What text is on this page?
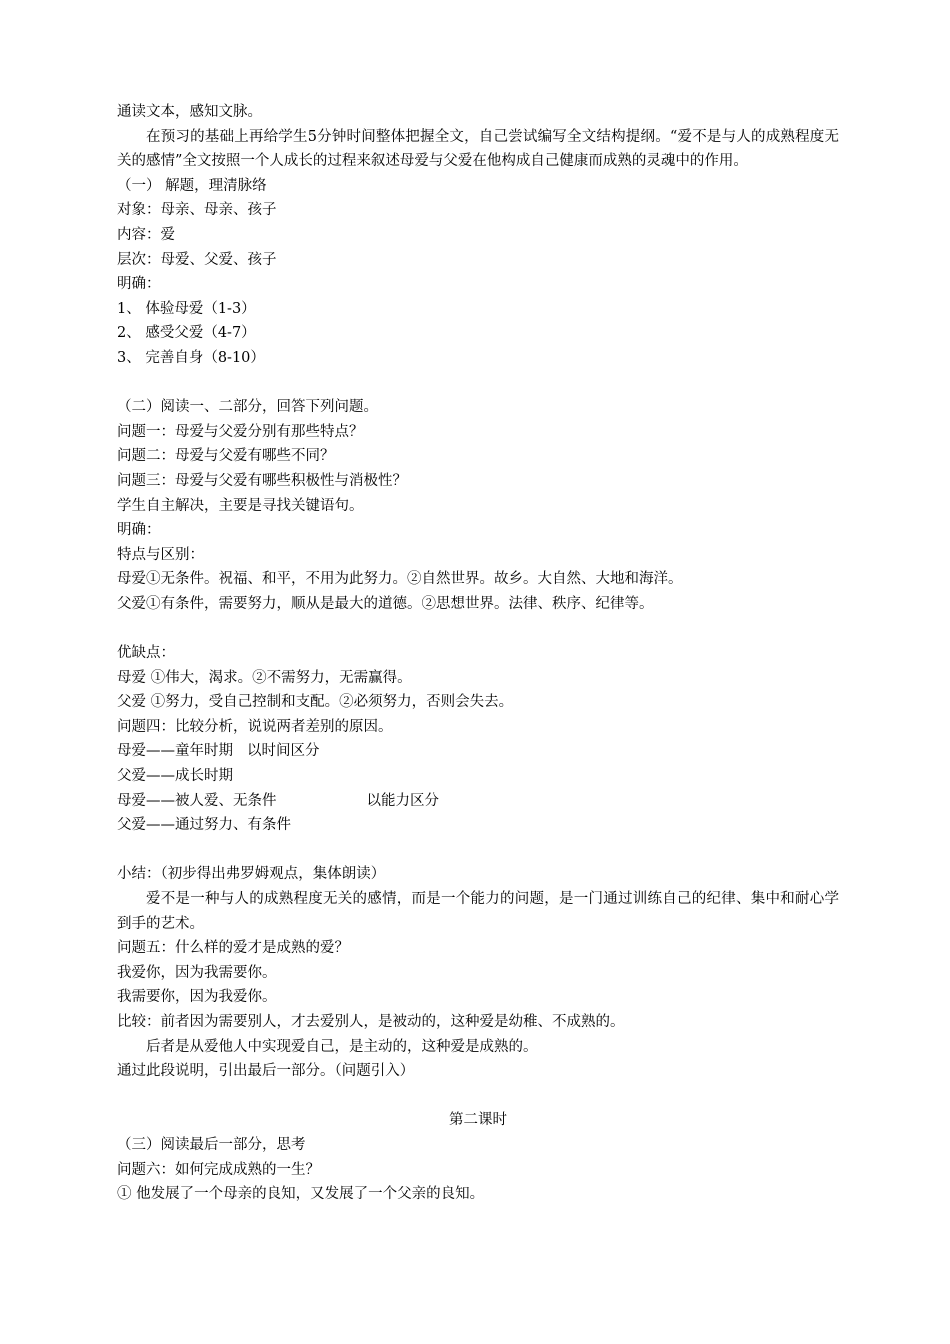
通读文本，感知文脉。
在预习的基础上再给学生5分钟时间整体把握全文，自己尝试编写全文结构提纲。“爱不是与人的成熟程度无关的感情”全文按照一个人成长的过程来叙述母爱与父爱在他构成自己健康而成熟的灵魂中的作用。
（一） 解题，理清脉络
对象：母亲、母亲、孩子
内容：爱
层次：母爱、父爱、孩子
明确：
1、 体验母爱（1-3）
2、 感受父爱（4-7）
3、 完善自身（8-10）
（二）阅读一、二部分，回答下列问题。
问题一：母爱与父爱分别有那些特点？
问题二：母爱与父爱有哪些不同？
问题三：母爱与父爱有哪些积极性与消极性？
学生自主解决，主要是寻找关键语句。
明确：
特点与区别：
母爱①无条件。祝福、和平，不用为此努力。②自然世界。故乡。大自然、大地和海洋。
父爱①有条件，需要努力，顺从是最大的道德。②思想世界。法律、秩序、纪律等。
优缺点：
母爱 ①伟大，渴求。②不需努力，无需赢得。
父爱 ①努力，受自己控制和支配。②必须努力，否则会失去。
问题四：比较分析，说说两者差别的原因。
母爱——童年时期 以时间区分
父爱——成长时期
母爱——被人爱、无条件	以能力区分
父爱——通过努力、有条件
小结：（初步得出弗罗姆观点，集体朗读）
爱不是一种与人的成熟程度无关的感情，而是一个能力的问题，是一门通过训练自己的纪律、集中和耐心学到手的艺术。
问题五：什么样的爱才是成熟的爱？
我爱你，因为我需要你。
我需要你，因为我爱你。
比较：前者因为需要别人，才去爱别人，是被动的，这种爱是幼稚、不成熟的。
后者是从爱他人中实现爱自己，是主动的，这种爱是成熟的。
通过此段说明，引出最后一部分。（问题引入）
第二课时
（三）阅读最后一部分，思考
问题六：如何完成成熟的一生？
① 他发展了一个母亲的良知，又发展了一个父亲的良知。
